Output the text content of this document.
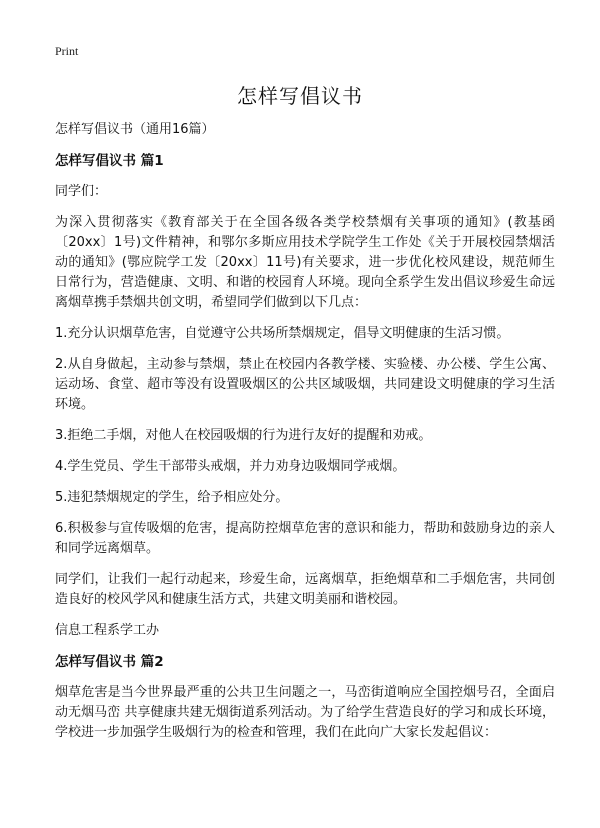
Print
怎样写倡议书

怎样写倡议书（通用16篇）

怎样写倡议书 篇1

同学们：

为深入贯彻落实《教育部关于在全国各级各类学校禁烟有关事项的通知》(教基函〔20xx〕1号)文件精神，和鄂尔多斯应用技术学院学生工作处《关于开展校园禁烟活动的通知》(鄂应院学工发〔20xx〕11号)有关要求，进一步优化校风建设，规范师生日常行为，营造健康、文明、和谐的校园育人环境。现向全系学生发出倡议珍爱生命远离烟草携手禁烟共创文明，希望同学们做到以下几点：

1.充分认识烟草危害，自觉遵守公共场所禁烟规定，倡导文明健康的生活习惯。

2.从自身做起，主动参与禁烟，禁止在校园内各教学楼、实验楼、办公楼、学生公寓、运动场、食堂、超市等没有设置吸烟区的公共区域吸烟，共同建设文明健康的学习生活环境。

3.拒绝二手烟，对他人在校园吸烟的行为进行友好的提醒和劝戒。

4.学生党员、学生干部带头戒烟，并力劝身边吸烟同学戒烟。

5.违犯禁烟规定的学生，给予相应处分。

6.积极参与宣传吸烟的危害，提高防控烟草危害的意识和能力，帮助和鼓励身边的亲人和同学远离烟草。

同学们，让我们一起行动起来，珍爱生命，远离烟草，拒绝烟草和二手烟危害，共同创造良好的校风学风和健康生活方式，共建文明美丽和谐校园。

信息工程系学工办

怎样写倡议书 篇2

烟草危害是当今世界最严重的公共卫生问题之一，马峦街道响应全国控烟号召，全面启动无烟马峦 共享健康共建无烟街道系列活动。为了给学生营造良好的学习和成长环境，学校进一步加强学生吸烟行为的检查和管理，我们在此向广大家长发起倡议：
